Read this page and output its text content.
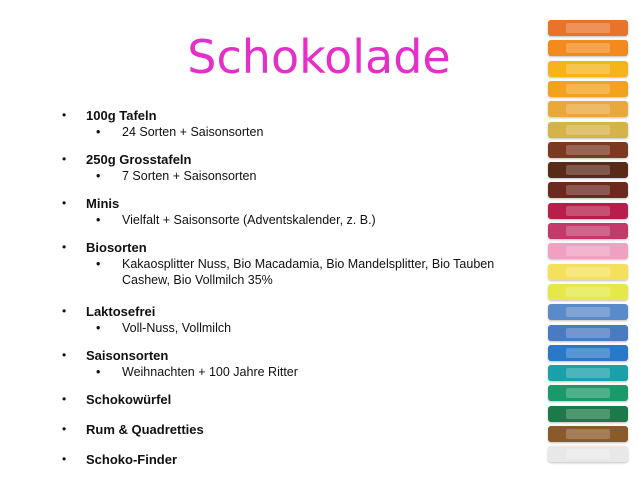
Schokolade
• 100g Tafeln
• 24 Sorten + Saisonsorten
• 250g Grosstafeln
• 7 Sorten + Saisonsorten
• Minis
• Vielfalt + Saisonsorte (Adventskalender, z. B.)
• Biosorten
• Kakaosplitter Nuss, Bio Macadamia, Bio Mandelsplitter, Bio Tauben Cashew, Bio Vollmilch 35%
• Laktosefrei
• Voll-Nuss, Vollmilch
• Saisonsorten
• Weihnachten + 100 Jahre Ritter
• Schokowürfel
• Rum & Quadretties
• Schoko-Finder
